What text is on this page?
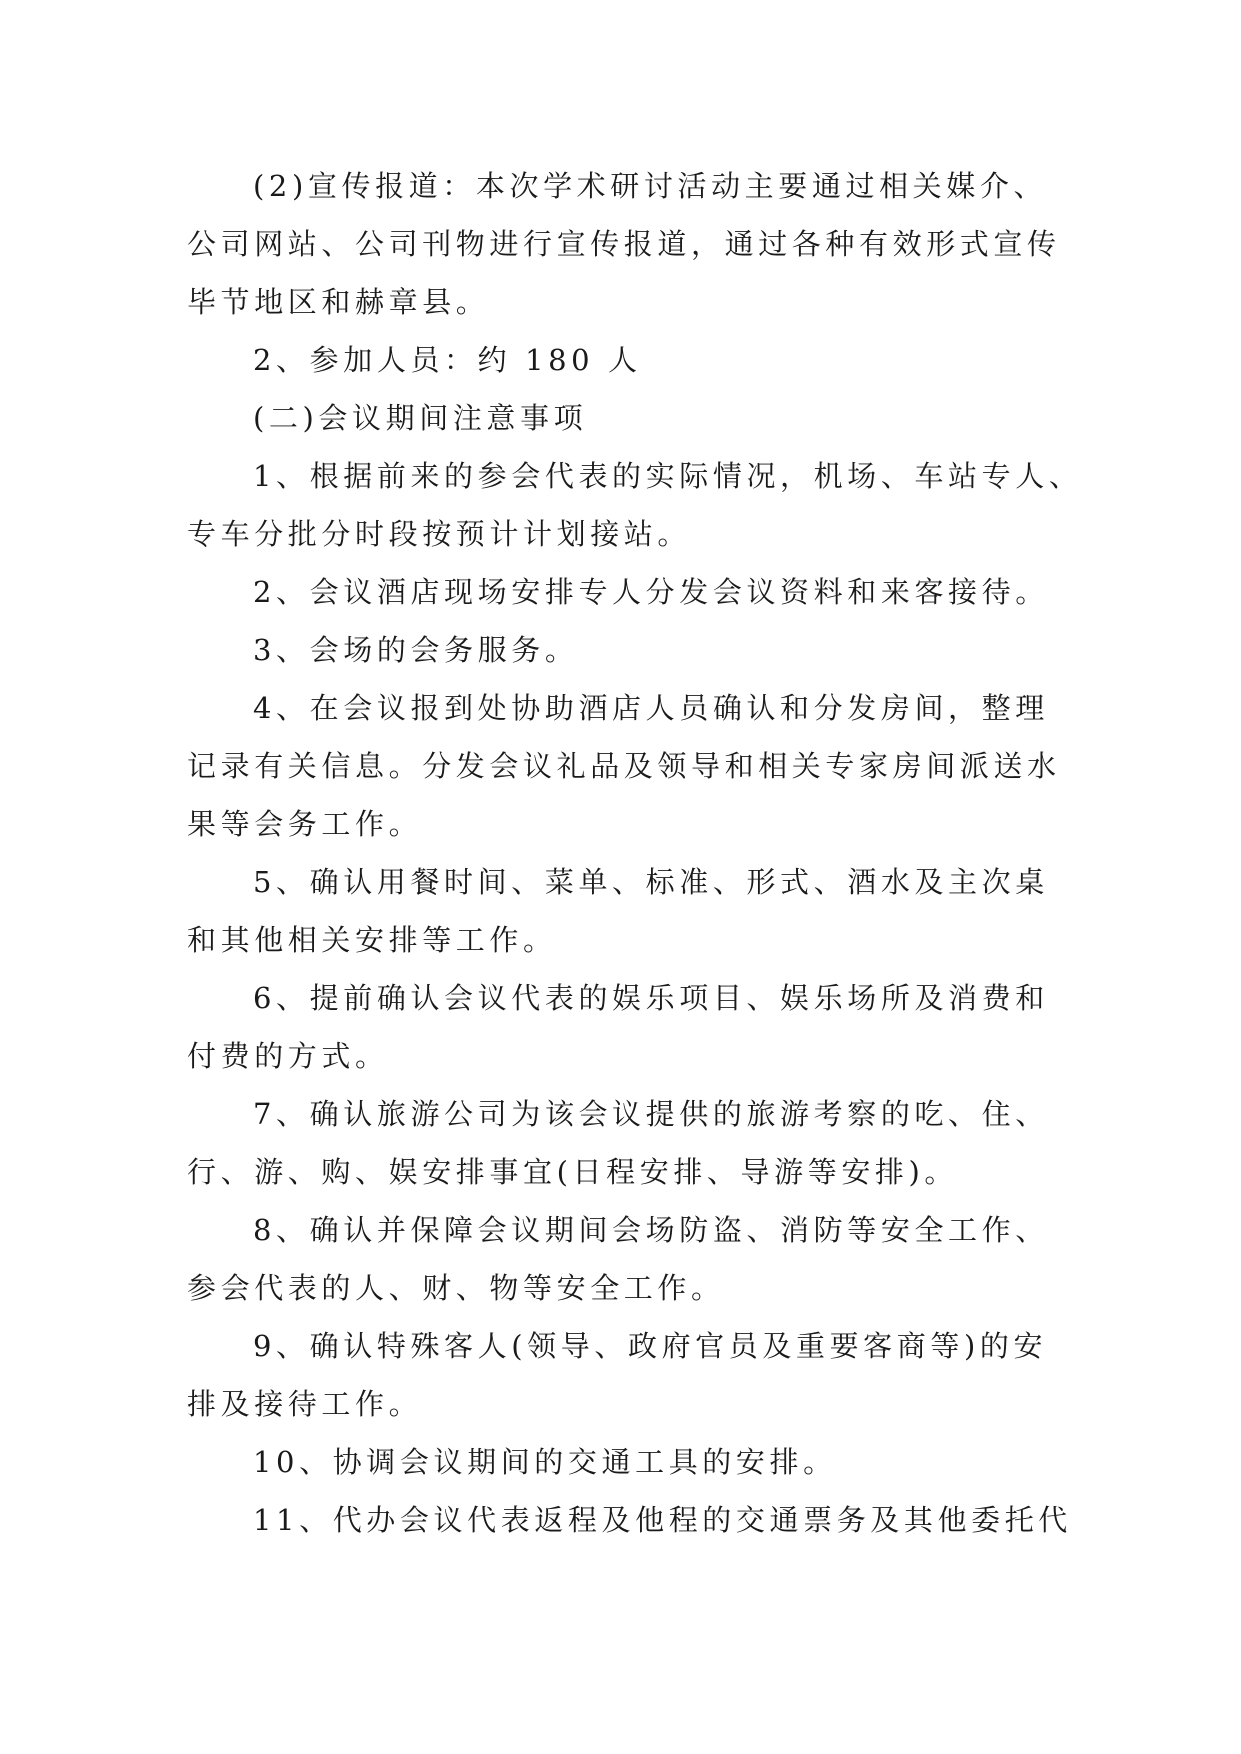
(2)宣传报道：本次学术研讨活动主要通过相关媒介、
公司网站、公司刊物进行宣传报道，通过各种有效形式宣传
毕节地区和赫章县。
2、参加人员：约 180 人
(二)会议期间注意事项
1、根据前来的参会代表的实际情况，机场、车站专人、
专车分批分时段按预计计划接站。
2、会议酒店现场安排专人分发会议资料和来客接待。
3、会场的会务服务。
4、在会议报到处协助酒店人员确认和分发房间，整理
记录有关信息。分发会议礼品及领导和相关专家房间派送水
果等会务工作。
5、确认用餐时间、菜单、标准、形式、酒水及主次桌
和其他相关安排等工作。
6、提前确认会议代表的娱乐项目、娱乐场所及消费和
付费的方式。
7、确认旅游公司为该会议提供的旅游考察的吃、住、
行、游、购、娱安排事宜(日程安排、导游等安排)。
8、确认并保障会议期间会场防盗、消防等安全工作、
参会代表的人、财、物等安全工作。
9、确认特殊客人(领导、政府官员及重要客商等)的安
排及接待工作。
10、协调会议期间的交通工具的安排。
11、代办会议代表返程及他程的交通票务及其他委托代
